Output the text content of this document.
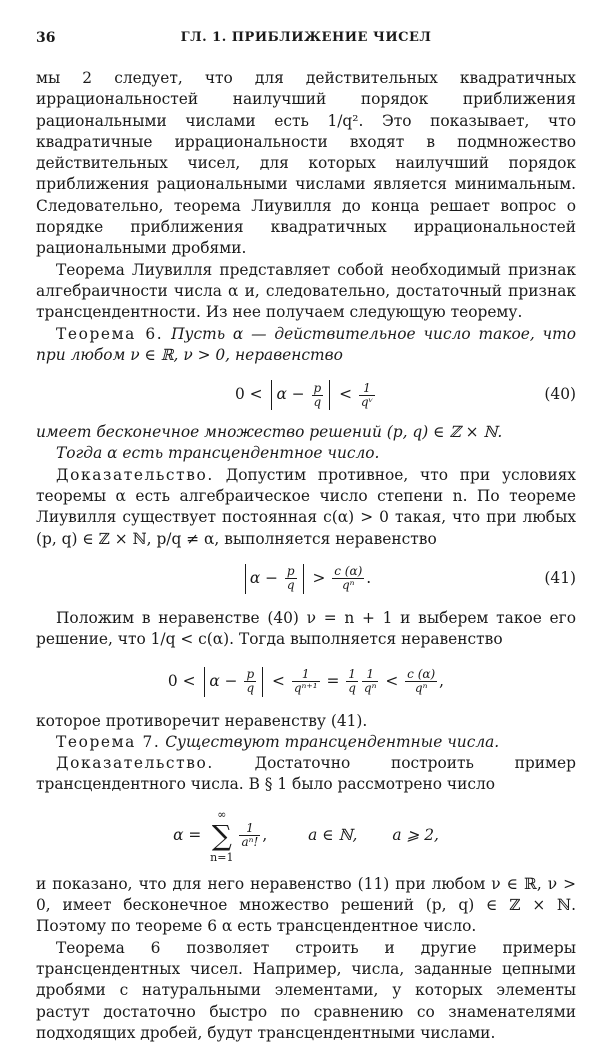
36	ГЛ. 1. ПРИБЛИЖЕНИЕ ЧИСЕЛ

мы 2 следует, что для действительных квадратичных иррациональностей наилучший порядок приближения рациональными числами есть 1/q². Это показывает, что квадратичные иррациональности входят в подмножество действительных чисел, для которых наилучший порядок приближения рациональными числами является минимальным. Следовательно, теорема Лиувилля до конца решает вопрос о порядке приближения квадратичных иррациональностей рациональными дробями.

Теорема Лиувилля представляет собой необходимый признак алгебраичности числа α и, следовательно, достаточный признак трансцендентности. Из нее получаем следующую теорему.

Теорема 6. Пусть α — действительное число такое, что при любом ν ∈ ℝ, ν > 0, неравенство

$0 < \alpha - \frac{p}{q} < \frac{1}{\text{qᵛ}}$	(40)

имеет бесконечное множество решений (p, q) ∈ ℤ × ℕ.

Тогда α есть трансцендентное число.

Доказательство. Допустим противное, что при условиях теоремы α есть алгебраическое число степени n. По теореме Лиувилля существует постоянная c(α) > 0 такая, что при любых (p, q) ∈ ℤ × ℕ, p/q ≠ α, выполняется неравенство

$\alpha - \frac{p}{q} > \frac{c (\alpha)}{\text{qⁿ}}$ .	(41)

Положим в неравенстве (40) ν = n + 1 и выберем такое его решение, что 1/q < c(α). Тогда выполняется неравенство

$0 < \alpha - \frac{p}{q} < \frac{1}{\text{qⁿ⁺¹}} = \frac{1}{q} \frac{1}{\text{qⁿ}} < \frac{c (\alpha)}{\text{qⁿ}}$ ,

которое противоречит неравенству (41).

Теорема 7. Существуют трансцендентные числа.

Доказательство.	Достаточно построить пример трансцендентного числа. В § 1 было рассмотрено число

α =
∞
∑
n=1
$\frac{1}{\text{aⁿ!}}$ ,	a ∈ ℕ, a ⩾ 2,

и показано, что для него неравенство (11) при любом ν ∈ ℝ, ν > 0, имеет бесконечное множество решений (p, q) ∈ ℤ × ℕ. Поэтому по теореме 6 α есть трансцендентное число.

Теорема 6 позволяет строить и другие примеры трансцендентных чисел. Например, числа, заданные цепными дробями с натуральными элементами, у которых элементы растут достаточно быстро по сравнению со знаменателями подходящих дробей, будут трансцендентными числами.
